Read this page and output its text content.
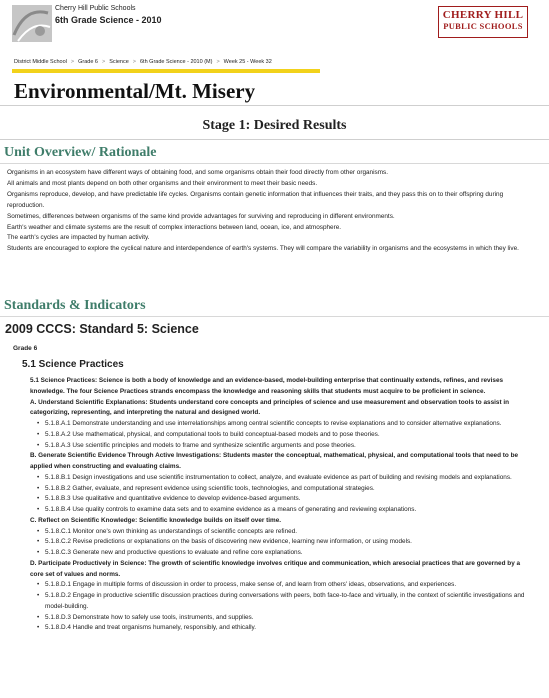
Cherry Hill Public Schools
6th Grade Science - 2010	CHERRY HILL
PUBLIC SCHOOLS
District Middle School > Grade 6 > Science > 6th Grade Science - 2010 (M) > Week 25 - Week 32
Environmental/Mt. Misery
Stage 1: Desired Results
Unit Overview/ Rationale

Organisms in an ecosystem have different ways of obtaining food, and some organisms obtain their food directly from other organisms.

All animals and most plants depend on both other organisms and their environment to meet their basic needs.

Organisms reproduce, develop, and have predictable life cycles. Organisms contain genetic information that influences their traits, and they pass this on to their offspring during reproduction.

Sometimes, differences between organisms of the same kind provide advantages for surviving and reproducing in different environments.

Earth's weather and climate systems are the result of complex interactions between land, ocean, ice, and atmosphere.

The earth's cycles are impacted by human activity.

Students are encouraged to explore the cyclical nature and interdependence of earth's systems. They will compare the variability in organisms and the ecosystems in which they live.

Standards & Indicators
2009 CCCS: Standard 5: Science
Grade 6
5.1 Science Practices

5.1 Science Practices: Science is both a body of knowledge and an evidence-based, model-building enterprise that continually extends, refines, and revises knowledge. The four Science Practices strands encompass the knowledge and reasoning skills that students must acquire to be proficient in science.

A. Understand Scientific Explanations: Students understand core concepts and principles of science and use measurement and observation tools to assist in categorizing, representing, and interpreting the natural and designed world.

• 5.1.8.A.1 Demonstrate understanding and use interrelationships among central scientific concepts to revise explanations and to consider alternative explanations.
• 5.1.8.A.2 Use mathematical, physical, and computational tools to build conceptual-based models and to pose theories.
• 5.1.8.A.3 Use scientific principles and models to frame and synthesize scientific arguments and pose theories.

B. Generate Scientific Evidence Through Active Investigations: Students master the conceptual, mathematical, physical, and computational tools that need to be applied when constructing and evaluating claims.

• 5.1.8.B.1 Design investigations and use scientific instrumentation to collect, analyze, and evaluate evidence as part of building and revising models and explanations.
• 5.1.8.B.2 Gather, evaluate, and represent evidence using scientific tools, technologies, and computational strategies.
• 5.1.8.B.3 Use qualitative and quantitative evidence to develop evidence-based arguments.
• 5.1.8.B.4 Use quality controls to examine data sets and to examine evidence as a means of generating and reviewing explanations.

C. Reflect on Scientific Knowledge: Scientific knowledge builds on itself over time.

• 5.1.8.C.1 Monitor one's own thinking as understandings of scientific concepts are refined.
• 5.1.8.C.2 Revise predictions or explanations on the basis of discovering new evidence, learning new information, or using models.
• 5.1.8.C.3 Generate new and productive questions to evaluate and refine core explanations.

D. Participate Productively in Science: The growth of scientific knowledge involves critique and communication, which aresocial practices that are governed by a core set of values and norms.

• 5.1.8.D.1 Engage in multiple forms of discussion in order to process, make sense of, and learn from others' ideas, observations, and experiences.
• 5.1.8.D.2 Engage in productive scientific discussion practices during conversations with peers, both face-to-face and virtually, in the context of scientific investigations and model-building.
• 5.1.8.D.3 Demonstrate how to safely use tools, instruments, and supplies.
• 5.1.8.D.4 Handle and treat organisms humanely, responsibly, and ethically.
